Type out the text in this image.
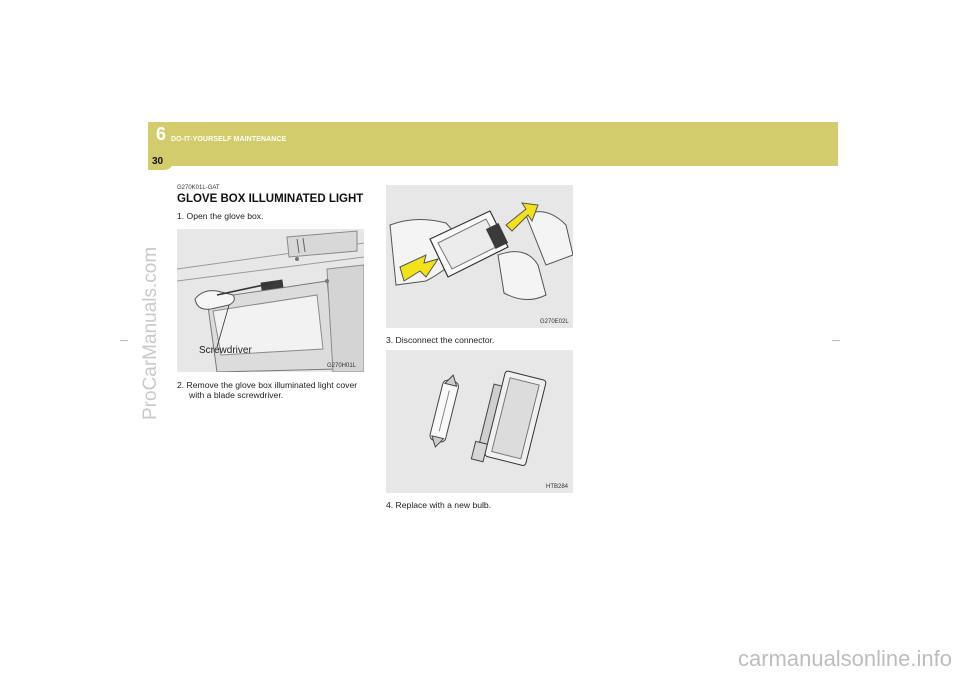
6 DO-IT-YOURSELF MAINTENANCE
30
ProCarManuals.com
carmanualsonline.info
G270K01L-GAT
GLOVE BOX ILLUMINATED LIGHT
1. Open the glove box.
Screwdriver
G270H01L
2. Remove the glove box illuminated light cover
with a blade screwdriver.
G270E02L
3. Disconnect the connector.
HTB284
4. Replace with a new bulb.
